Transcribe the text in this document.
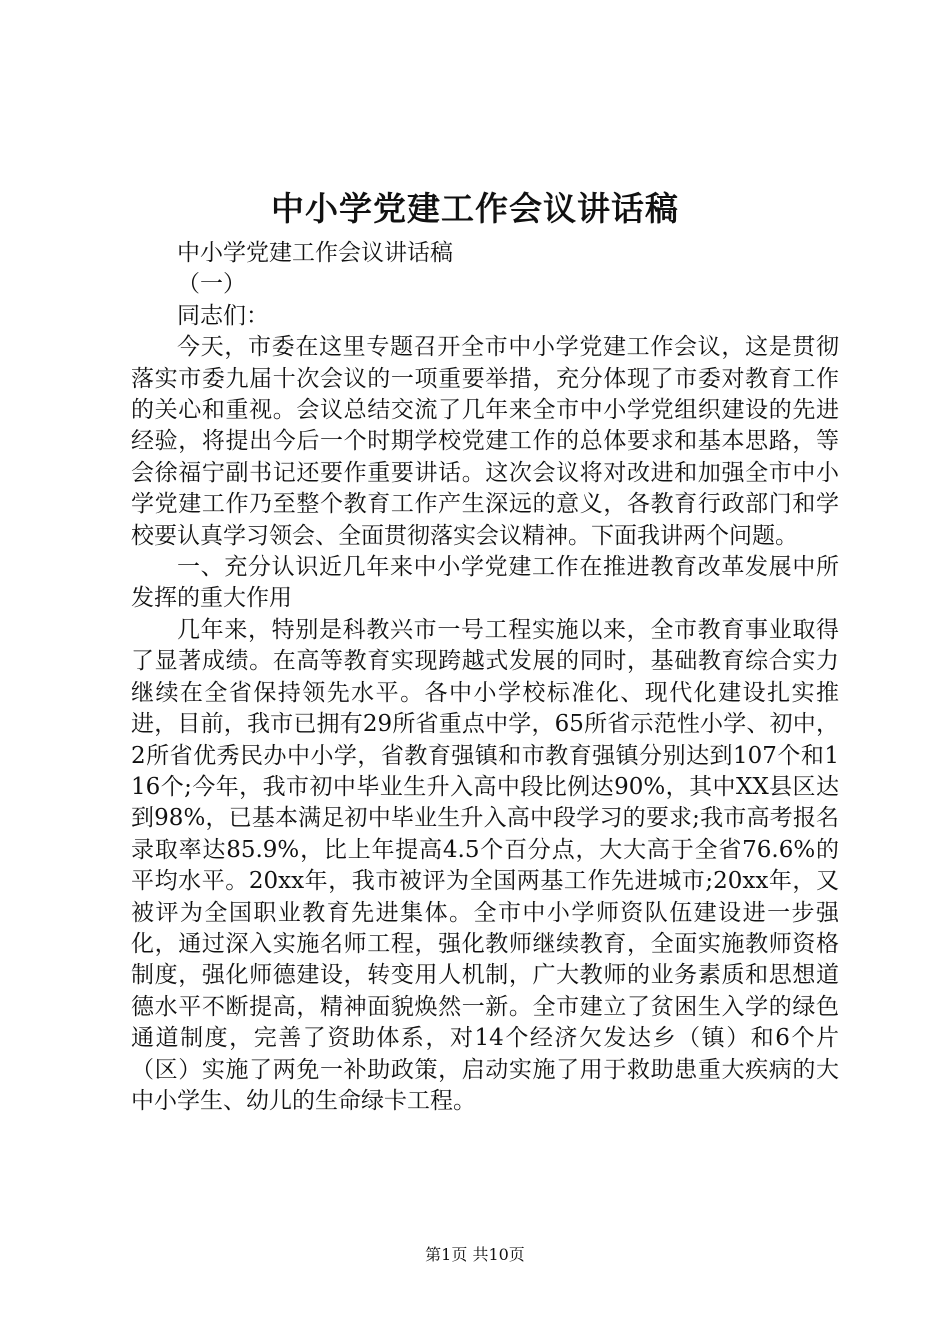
中小学党建工作会议讲话稿

中小学党建工作会议讲话稿

（一）

同志们：

今天，市委在这里专题召开全市中小学党建工作会议，这是贯彻落实市委九届十次会议的一项重要举措，充分体现了市委对教育工作的关心和重视。会议总结交流了几年来全市中小学党组织建设的先进经验，将提出今后一个时期学校党建工作的总体要求和基本思路，等会徐福宁副书记还要作重要讲话。这次会议将对改进和加强全市中小学党建工作乃至整个教育工作产生深远的意义，各教育行政部门和学校要认真学习领会、全面贯彻落实会议精神。下面我讲两个问题。

一、充分认识近几年来中小学党建工作在推进教育改革发展中所发挥的重大作用

几年来，特别是科教兴市一号工程实施以来，全市教育事业取得了显著成绩。在高等教育实现跨越式发展的同时，基础教育综合实力继续在全省保持领先水平。各中小学校标准化、现代化建设扎实推进，目前，我市已拥有29所省重点中学，65所省示范性小学、初中，2所省优秀民办中小学，省教育强镇和市教育强镇分别达到107个和116个;今年，我市初中毕业生升入高中段比例达90%，其中XX县区达到98%，已基本满足初中毕业生升入高中段学习的要求;我市高考报名录取率达85.9%，比上年提高4.5个百分点，大大高于全省76.6%的平均水平。20xx年，我市被评为全国两基工作先进城市;20xx年，又被评为全国职业教育先进集体。全市中小学师资队伍建设进一步强化，通过深入实施名师工程，强化教师继续教育，全面实施教师资格制度，强化师德建设，转变用人机制，广大教师的业务素质和思想道德水平不断提高，精神面貌焕然一新。全市建立了贫困生入学的绿色通道制度，完善了资助体系，对14个经济欠发达乡（镇）和6个片（区）实施了两免一补助政策，启动实施了用于救助患重大疾病的大中小学生、幼儿的生命绿卡工程。

第1页 共10页
